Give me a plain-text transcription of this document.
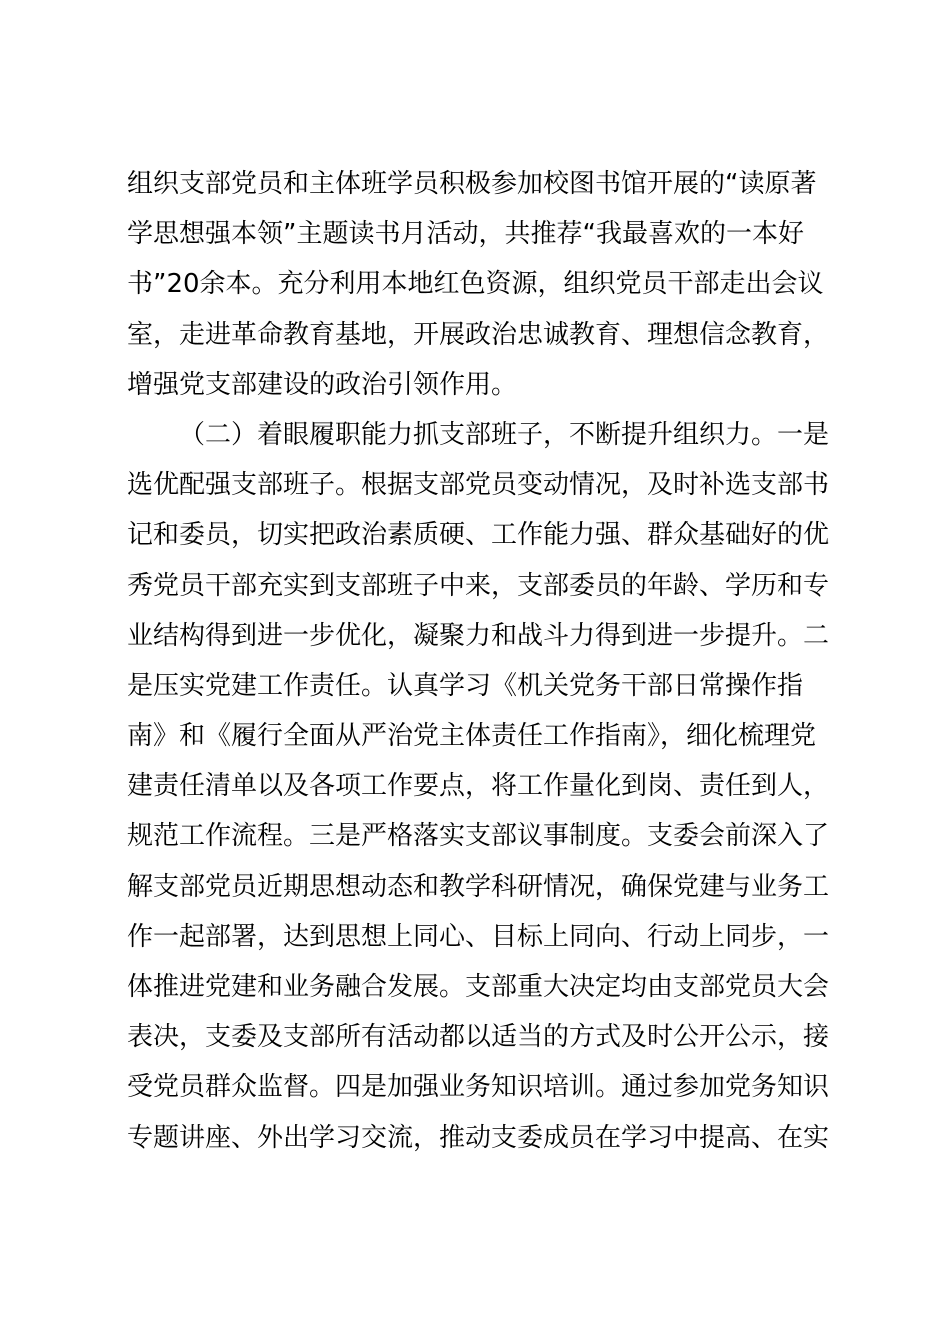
组织支部党员和主体班学员积极参加校图书馆开展的“读原著
学思想强本领”主题读书月活动，共推荐“我最喜欢的一本好
书”20余本。充分利用本地红色资源，组织党员干部走出会议
室，走进革命教育基地，开展政治忠诚教育、理想信念教育，
增强党支部建设的政治引领作用。
（二）着眼履职能力抓支部班子，不断提升组织力。一是
选优配强支部班子。根据支部党员变动情况，及时补选支部书
记和委员，切实把政治素质硬、工作能力强、群众基础好的优
秀党员干部充实到支部班子中来，支部委员的年龄、学历和专
业结构得到进一步优化，凝聚力和战斗力得到进一步提升。二
是压实党建工作责任。认真学习《机关党务干部日常操作指
南》和《履行全面从严治党主体责任工作指南》，细化梳理党
建责任清单以及各项工作要点，将工作量化到岗、责任到人，
规范工作流程。三是严格落实支部议事制度。支委会前深入了
解支部党员近期思想动态和教学科研情况，确保党建与业务工
作一起部署，达到思想上同心、目标上同向、行动上同步，一
体推进党建和业务融合发展。支部重大决定均由支部党员大会
表决，支委及支部所有活动都以适当的方式及时公开公示，接
受党员群众监督。四是加强业务知识培训。通过参加党务知识
专题讲座、外出学习交流，推动支委成员在学习中提高、在实
